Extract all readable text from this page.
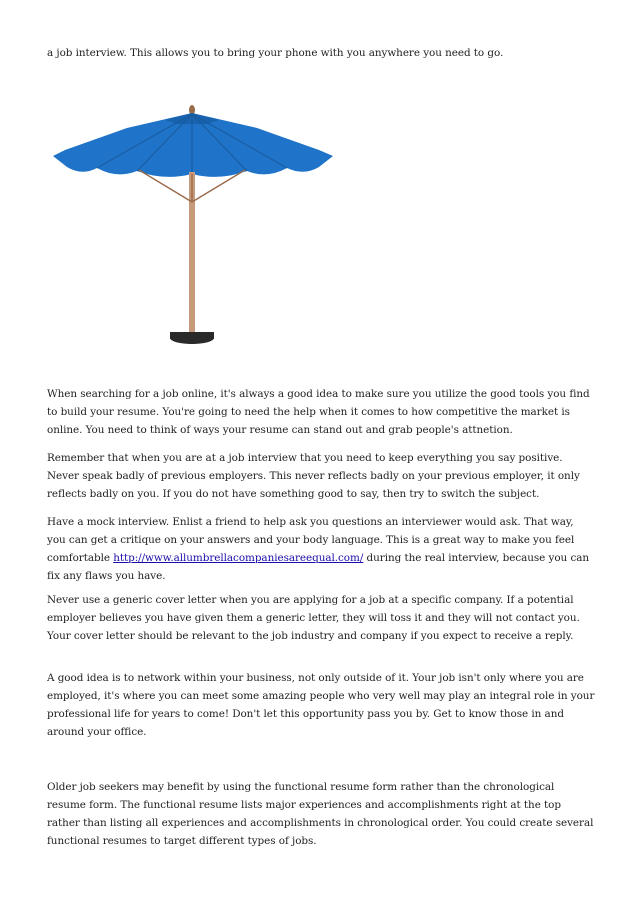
a job interview. This allows you to bring your phone with you anywhere you need to go.

When searching for a job online, it's always a good idea to make sure you utilize the good tools you find to build your resume. You're going to need the help when it comes to how competitive the market is online. You need to think of ways your resume can stand out and grab people's attnetion.

Remember that when you are at a job interview that you need to keep everything you say positive. Never speak badly of previous employers. This never reflects badly on your previous employer, it only reflects badly on you. If you do not have something good to say, then try to switch the subject.

Have a mock interview. Enlist a friend to help ask you questions an interviewer would ask. That way, you can get a critique on your answers and your body language. This is a great way to make you feel comfortable http://www.allumbrellacompaniesareequal.com/ during the real interview, because you can fix any flaws you have.

Never use a generic cover letter when you are applying for a job at a specific company. If a potential employer believes you have given them a generic letter, they will toss it and they will not contact you. Your cover letter should be relevant to the job industry and company if you expect to receive a reply.

A good idea is to network within your business, not only outside of it. Your job isn't only where you are employed, it's where you can meet some amazing people who very well may play an integral role in your professional life for years to come! Don't let this opportunity pass you by. Get to know those in and around your office.

Older job seekers may benefit by using the functional resume form rather than the chronological resume form. The functional resume lists major experiences and accomplishments right at the top rather than listing all experiences and accomplishments in chronological order. You could create several functional resumes to target different types of jobs.
